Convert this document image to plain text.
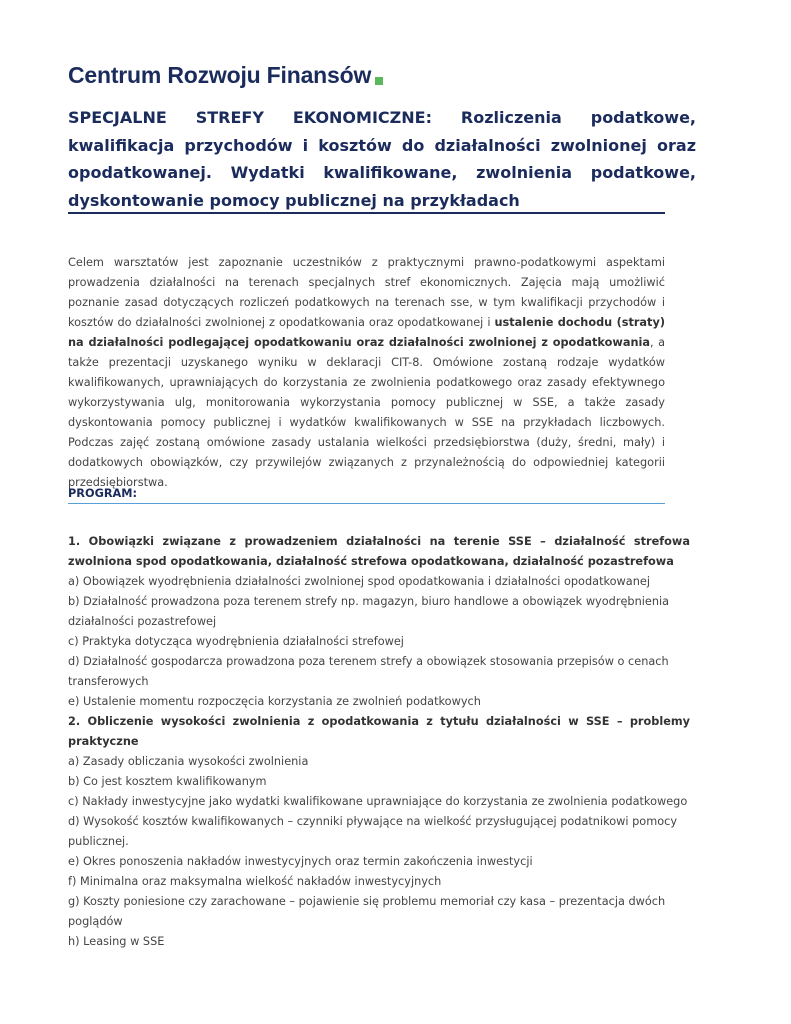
Centrum Rozwoju Finansów
SPECJALNE STREFY EKONOMICZNE: Rozliczenia podatkowe, kwalifikacja przychodów i kosztów do działalności zwolnionej oraz opodatkowanej. Wydatki kwalifikowane, zwolnienia podatkowe, dyskontowanie pomocy publicznej na przykładach

Celem warsztatów jest zapoznanie uczestników z praktycznymi prawno-podatkowymi aspektami prowadzenia działalności na terenach specjalnych stref ekonomicznych. Zajęcia mają umożliwić poznanie zasad dotyczących rozliczeń podatkowych na terenach sse, w tym kwalifikacji przychodów i kosztów do działalności zwolnionej z opodatkowania oraz opodatkowanej i ustalenie dochodu (straty) na działalności podlegającej opodatkowaniu oraz działalności zwolnionej z opodatkowania, a także prezentacji uzyskanego wyniku w deklaracji CIT-8. Omówione zostaną rodzaje wydatków kwalifikowanych, uprawniających do korzystania ze zwolnienia podatkowego oraz zasady efektywnego wykorzystywania ulg, monitorowania wykorzystania pomocy publicznej w SSE, a także zasady dyskontowania pomocy publicznej i wydatków kwalifikowanych w SSE na przykładach liczbowych. Podczas zajęć zostaną omówione zasady ustalania wielkości przedsiębiorstwa (duży, średni, mały) i dodatkowych obowiązków, czy przywilejów związanych z przynależnością do odpowiedniej kategorii przedsiębiorstwa.

PROGRAM:

1. Obowiązki związane z prowadzeniem działalności na terenie SSE – działalność strefowa zwolniona spod opodatkowania, działalność strefowa opodatkowana, działalność pozastrefowa

a) Obowiązek wyodrębnienia działalności zwolnionej spod opodatkowania i działalności opodatkowanej

b) Działalność prowadzona poza terenem strefy np. magazyn, biuro handlowe a obowiązek wyodrębnienia działalności pozastrefowej

c) Praktyka dotycząca wyodrębnienia działalności strefowej

d) Działalność gospodarcza prowadzona poza terenem strefy a obowiązek stosowania przepisów o cenach transferowych

e) Ustalenie momentu rozpoczęcia korzystania ze zwolnień podatkowych

2. Obliczenie wysokości zwolnienia z opodatkowania z tytułu działalności w SSE – problemy praktyczne

a) Zasady obliczania wysokości zwolnienia

b) Co jest kosztem kwalifikowanym

c) Nakłady inwestycyjne jako wydatki kwalifikowane uprawniające do korzystania ze zwolnienia podatkowego

d) Wysokość kosztów kwalifikowanych – czynniki pływające na wielkość przysługującej podatnikowi pomocy publicznej.

e) Okres ponoszenia nakładów inwestycyjnych oraz termin zakończenia inwestycji

f) Minimalna oraz maksymalna wielkość nakładów inwestycyjnych

g) Koszty poniesione czy zarachowane – pojawienie się problemu memoriał czy kasa – prezentacja dwóch poglądów

h) Leasing w SSE
